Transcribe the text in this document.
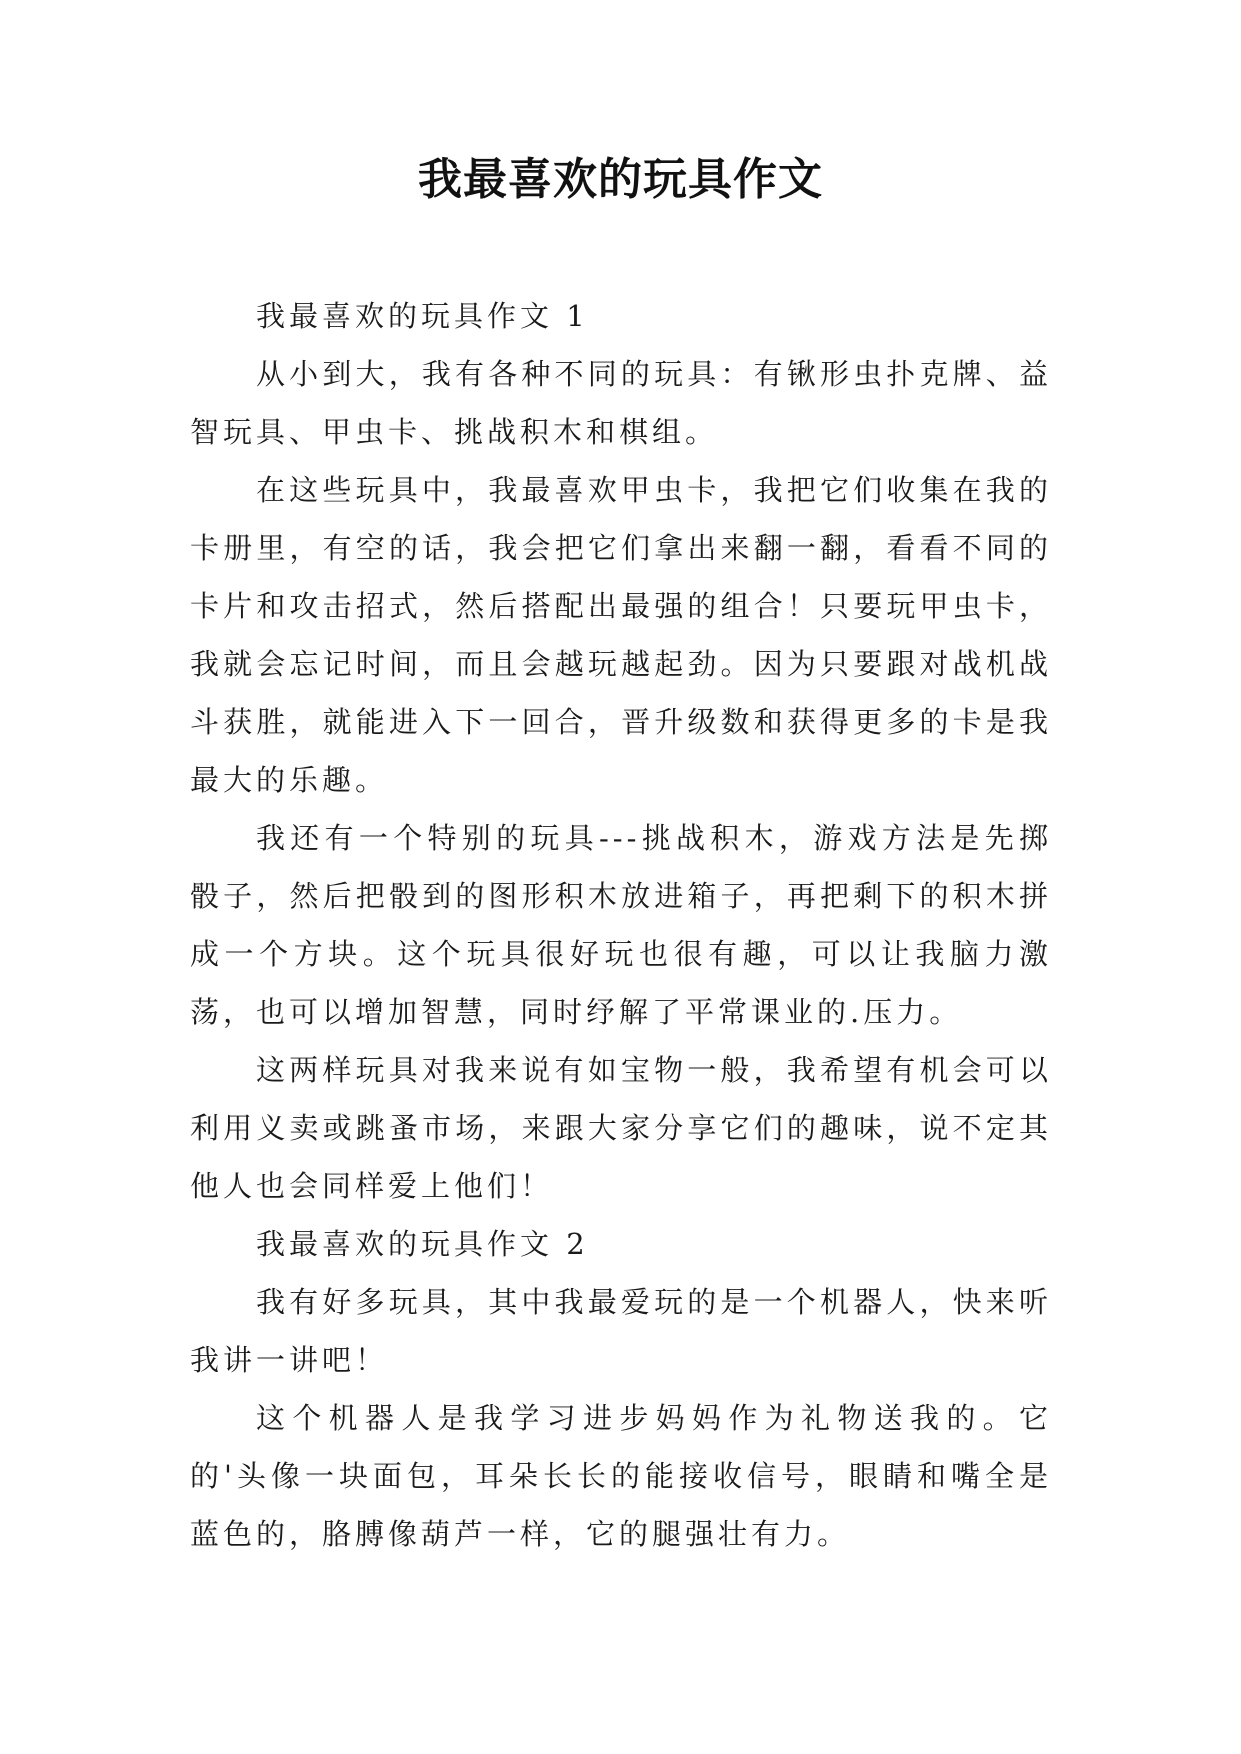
我最喜欢的玩具作文

我最喜欢的玩具作文 1

从小到大，我有各种不同的玩具：有锹形虫扑克牌、益智玩具、甲虫卡、挑战积木和棋组。

在这些玩具中，我最喜欢甲虫卡，我把它们收集在我的卡册里，有空的话，我会把它们拿出来翻一翻，看看不同的卡片和攻击招式，然后搭配出最强的组合！只要玩甲虫卡，我就会忘记时间，而且会越玩越起劲。因为只要跟对战机战斗获胜，就能进入下一回合，晋升级数和获得更多的卡是我最大的乐趣。

我还有一个特别的玩具---挑战积木，游戏方法是先掷骰子，然后把骰到的图形积木放进箱子，再把剩下的积木拼成一个方块。这个玩具很好玩也很有趣，可以让我脑力激荡，也可以增加智慧，同时纾解了平常课业的.压力。

这两样玩具对我来说有如宝物一般，我希望有机会可以利用义卖或跳蚤市场，来跟大家分享它们的趣味，说不定其他人也会同样爱上他们！

我最喜欢的玩具作文 2

我有好多玩具，其中我最爱玩的是一个机器人，快来听我讲一讲吧！

这个机器人是我学习进步妈妈作为礼物送我的。它的'头像一块面包，耳朵长长的能接收信号，眼睛和嘴全是蓝色的，胳膊像葫芦一样，它的腿强壮有力。
